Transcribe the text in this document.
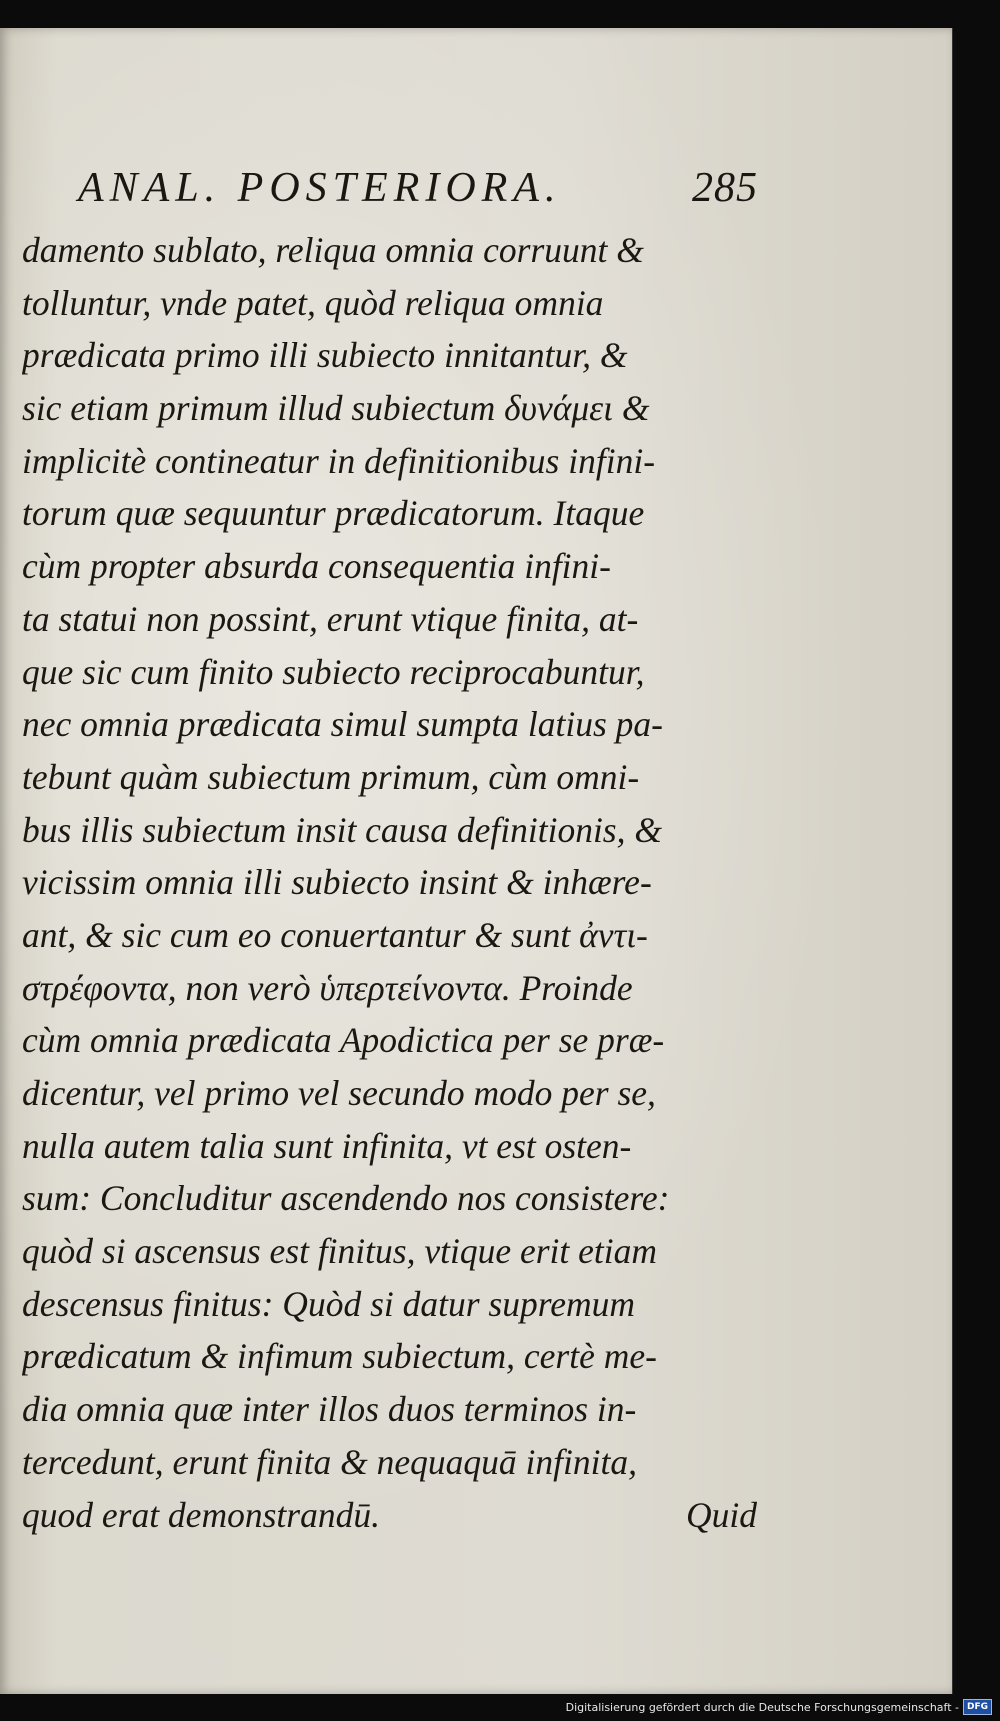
ANAL. POSTERIORA.	285
damento sublato, reliqua omnia corruunt &
tolluntur, vnde patet, quòd reliqua omnia
prædicata primo illi subiecto innitantur, &
sic etiam primum illud subiectum δυνάμει &
implicitè contineatur in definitionibus infini-
torum quæ sequuntur prædicatorum. Itaque
cùm propter absurda consequentia infini-
ta statui non possint, erunt vtique finita, at-
que sic cum finito subiecto reciprocabuntur,
nec omnia prædicata simul sumpta latius pa-
tebunt quàm subiectum primum, cùm omni-
bus illis subiectum insit causa definitionis, &
vicissim omnia illi subiecto insint & inhære-
ant, & sic cum eo conuertantur & sunt ἀντι-
στρέφοντα, non verò ὑπερτείνοντα. Proinde
cùm omnia prædicata Apodictica per se præ-
dicentur, vel primo vel secundo modo per se,
nulla autem talia sunt infinita, vt est osten-
sum: Concluditur ascendendo nos consistere:
quòd si ascensus est finitus, vtique erit etiam
descensus finitus: Quòd si datur supremum
prædicatum & infimum subiectum, certè me-
dia omnia quæ inter illos duos terminos in-
tercedunt, erunt finita & nequaquā infinita,
quod erat demonstrandū.	Quid
Digitalisierung gefördert durch die Deutsche Forschungsgemeinschaft - DFG
